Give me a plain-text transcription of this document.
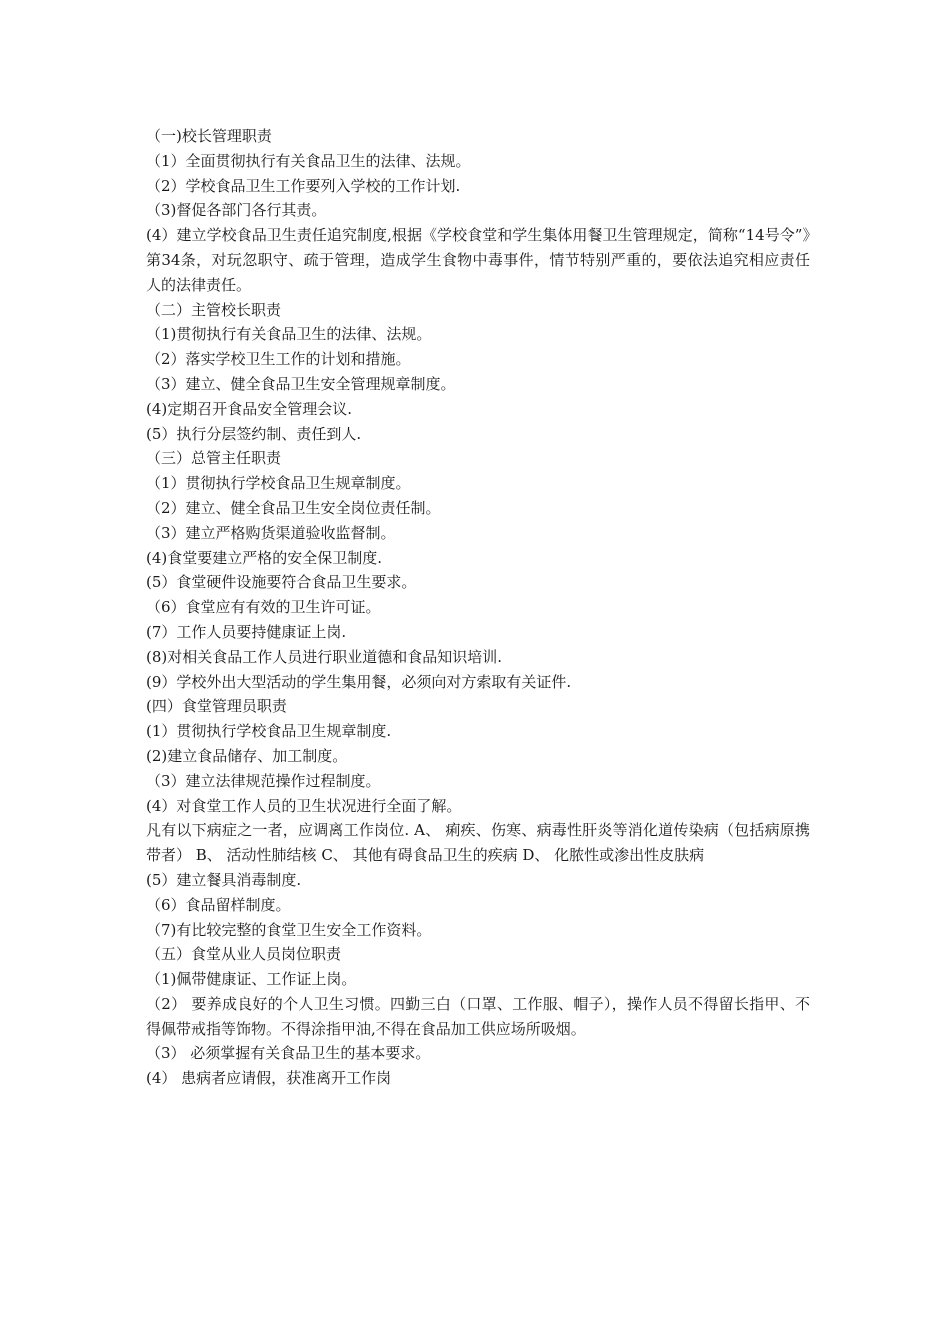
（一)校长管理职责

（1）全面贯彻执行有关食品卫生的法律、法规。

（2）学校食品卫生工作要列入学校的工作计划.

（3)督促各部门各行其责。

(4）建立学校食品卫生责任追究制度,根据《学校食堂和学生集体用餐卫生管理规定，简称“14号令”》第34条，对玩忽职守、疏于管理，造成学生食物中毒事件，情节特别严重的，要依法追究相应责任人的法律责任。

（二）主管校长职责

（1)贯彻执行有关食品卫生的法律、法规。

（2）落实学校卫生工作的计划和措施。

（3）建立、健全食品卫生安全管理规章制度。

(4)定期召开食品安全管理会议.

(5）执行分层签约制、责任到人.

（三）总管主任职责

（1）贯彻执行学校食品卫生规章制度。

（2）建立、健全食品卫生安全岗位责任制。

（3）建立严格购货渠道验收监督制。

(4)食堂要建立严格的安全保卫制度.

(5）食堂硬件设施要符合食品卫生要求。

（6）食堂应有有效的卫生许可证。

(7）工作人员要持健康证上岗.

(8)对相关食品工作人员进行职业道德和食品知识培训.

(9）学校外出大型活动的学生集用餐，必须向对方索取有关证件.

(四）食堂管理员职责

(1）贯彻执行学校食品卫生规章制度.

(2)建立食品储存、加工制度。

（3）建立法律规范操作过程制度。

(4）对食堂工作人员的卫生状况进行全面了解。

凡有以下病症之一者，应调离工作岗位. A、 痢疾、伤寒、病毒性肝炎等消化道传染病（包括病原携带者） B、 活动性肺结核 C、 其他有碍食品卫生的疾病 D、 化脓性或渗出性皮肤病

(5）建立餐具消毒制度.

（6）食品留样制度。

（7)有比较完整的食堂卫生安全工作资料。

（五）食堂从业人员岗位职责

（1)佩带健康证、工作证上岗。

（2） 要养成良好的个人卫生习惯。四勤三白（口罩、工作服、帽子），操作人员不得留长指甲、不得佩带戒指等饰物。不得涂指甲油,不得在食品加工供应场所吸烟。

（3） 必须掌握有关食品卫生的基本要求。

(4） 患病者应请假，获准离开工作岗
